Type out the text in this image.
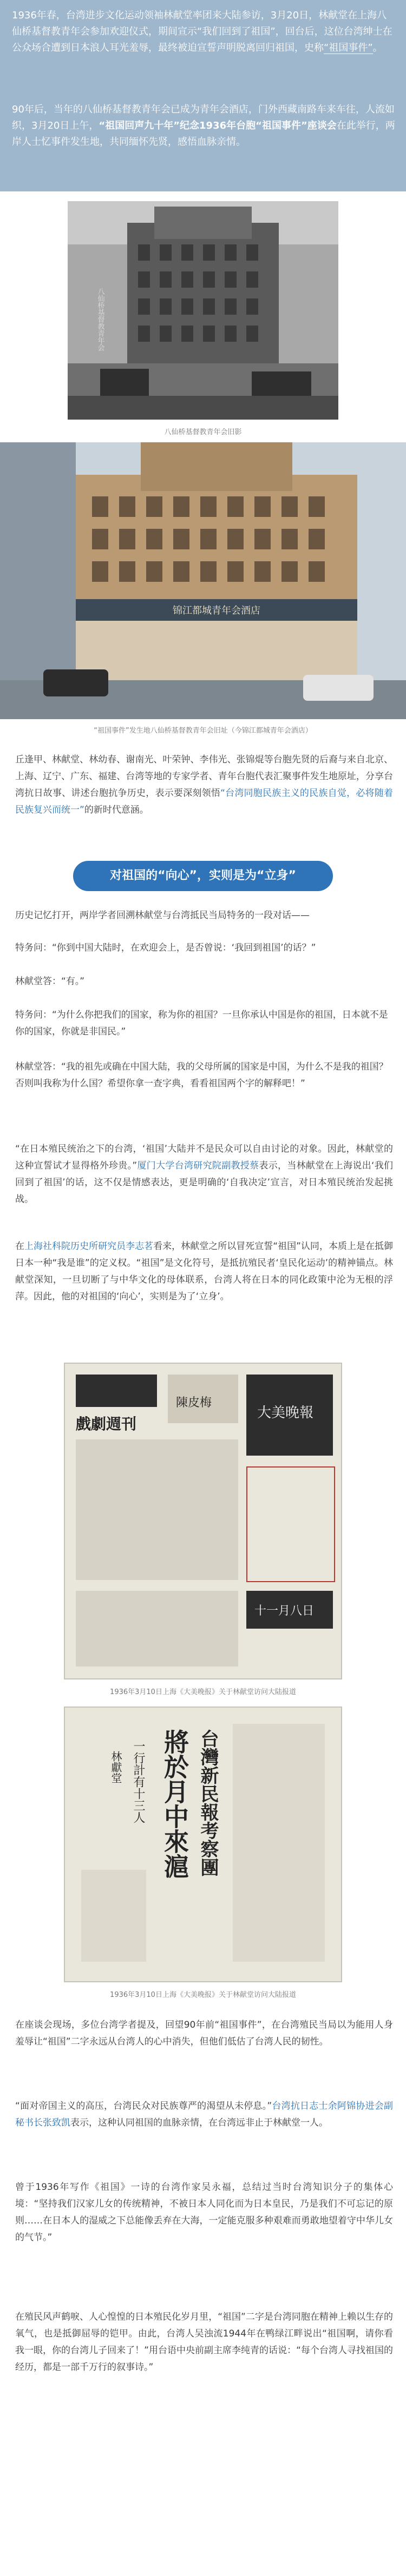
1936年春，台湾进步文化运动领袖林献堂率团来大陆参访，3月20日，林献堂在上海八仙桥基督教青年会参加欢迎仪式，期间宣示“我们回到了祖国”，回台后，这位台湾绅士在公众场合遭到日本浪人耳光羞辱，最终被迫宣誓声明脱离回归祖国，史称“祖国事件”。
90年后，当年的八仙桥基督教青年会已成为青年会酒店，门外西藏南路车来车往，人流如织，3月20日上午，“祖国回声九十年”纪念1936年台胞“祖国事件”座谈会在此举行，两岸人士忆事件发生地，共同缅怀先贤，感悟血脉亲情。
八仙桥基督教青年会
八仙桥基督教青年会旧影
锦江都城青年会酒店
“祖国事件”发生地八仙桥基督教青年会旧址（今锦江都城青年会酒店）
丘逢甲、林献堂、林幼春、谢南光、叶荣钟、李伟光、张锦焜等台胞先贤的后裔与来自北京、上海、辽宁、广东、福建、台湾等地的专家学者、青年台胞代表汇聚事件发生地原址，分享台湾抗日故事、讲述台胞抗争历史，表示要深刻领悟“台湾同胞民族主义的民族自觉，必将随着民族复兴而统一”的新时代意涵。
对祖国的“向心”，实则是为“立身”
历史记忆打开，两岸学者回溯林献堂与台湾抵民当局特务的一段对话——
特务问：“你到中国大陆时，在欢迎会上，是否曾说：‘我回到祖国’的话？”
林献堂答：“有。”
特务问：“为什么你把我们的国家，称为你的祖国？一旦你承认中国是你的祖国，日本就不是你的国家，你就是非国民。”
林献堂答：“我的祖先或确在中国大陆，我的父母所属的国家是中国，为什么不是我的祖国？否则叫我称为什么国？希望你拿一查字典，看看祖国两个字的解释吧！”
“在日本殖民统治之下的台湾，‘祖国’大陆并不是民众可以自由讨论的对象。因此，林献堂的这种宣誓试才显得格外珍贵。”厦门大学台湾研究院副教授蔡表示，当林献堂在上海说出‘我们回到了祖国’的话，这不仅是情感表达，更是明确的‘自我决定’宣言，对日本殖民统治发起挑战。
在上海社科院历史所研究员李志茗看来，林献堂之所以冒死宣誓“祖国”认同，本质上是在抵御日本一种“我是谁”的定义权。“祖国”是文化符号，是抵抗殖民者‘皇民化运动’的精神锚点。林献堂深知，一旦切断了与中华文化的母体联系，台湾人将在日本的同化政策中沦为无根的浮萍。因此，他的对祖国的‘向心’，实则是为了‘立身’。
戲劇週刊
陳皮梅
大美晚報
十一月八日
1936年3月10日上海《大美晚报》关于林献堂访问大陆报道
台灣新民報考察團
將於月中來滬
一行計有十三人
林獻堂
1936年3月10日上海《大美晚报》关于林献堂访问大陆报道
在座谈会现场，多位台湾学者提及，回望90年前“祖国事件”，在台湾殖民当局以为能用人身羞辱让“祖国”二字永远从台湾人的心中消失，但他们低估了台湾人民的韧性。
“面对帝国主义的高压，台湾民众对民族尊严的渴望从未停息。”台湾抗日志士余阿锦协进会副秘书长张致凯表示，这种认同祖国的血脉亲情，在台湾远非止于林献堂一人。
曾于1936年写作《祖国》一诗的台湾作家吴永福，总结过当时台湾知识分子的集体心境：“坚持我们汉家儿女的传统精神，不被日本人同化而为日本皇民，乃是我们不可忘记的原则……在日本人的湿威之下总能像丢弃在大海，一定能克服多种艰难而勇敢地望着守中华儿女的气节。”
在殖民风声鹤唳、人心惶惶的日本殖民化岁月里，“祖国”二字是台湾同胞在精神上赖以生存的氧气，也是抵御屈辱的铠甲。由此，台湾人吴浊流1944年在鸭绿江畔说出“祖国啊，请你看我一眼，你的台湾儿子回来了！”用台语中央前副主席李纯青的话说：“每个台湾人寻找祖国的经历，都是一部千万行的叙事诗。”
